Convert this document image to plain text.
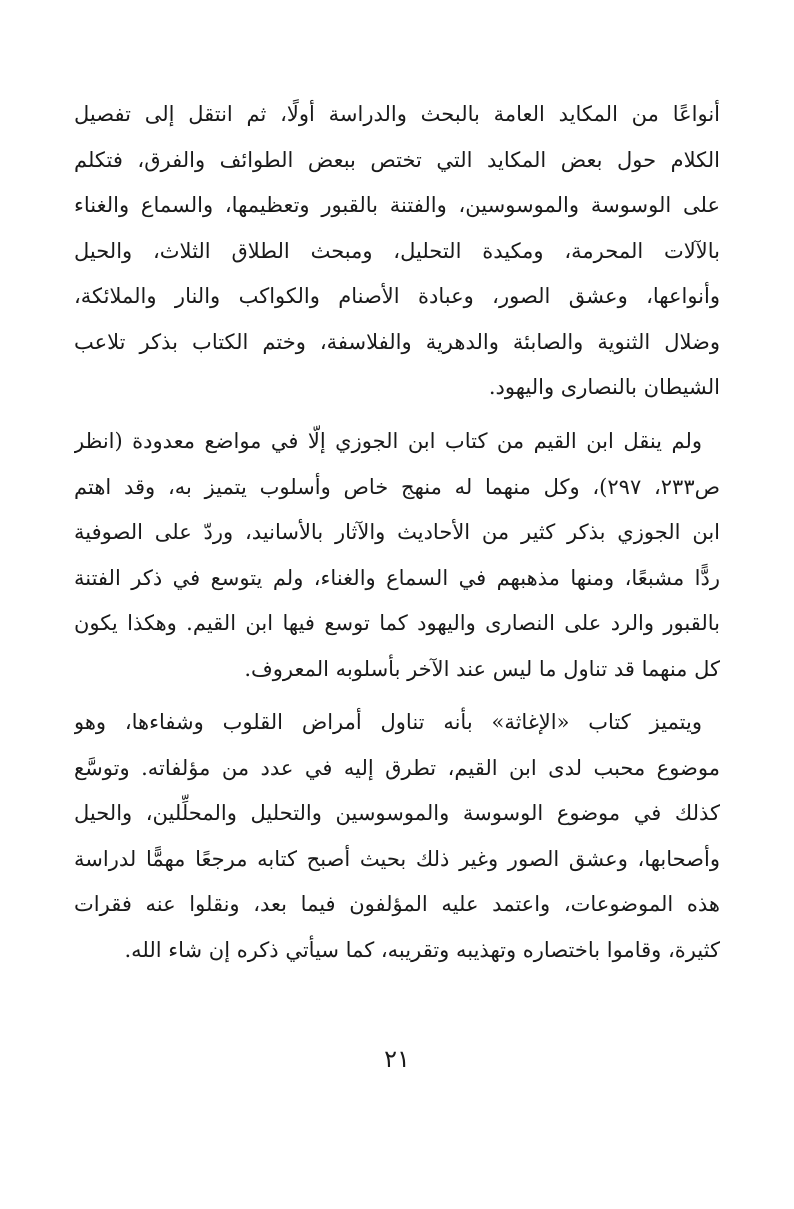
أنواعًا من المكايد العامة بالبحث والدراسة أولًا، ثم انتقل إلى تفصيل
الكلام حول بعض المكايد التي تختص ببعض الطوائف والفرق، فتكلم
على الوسوسة والموسوسين، والفتنة بالقبور وتعظيمها، والسماع والغناء
بالآلات المحرمة، ومكيدة التحليل، ومبحث الطلاق الثلاث، والحيل
وأنواعها، وعشق الصور، وعبادة الأصنام والكواكب والنار والملائكة،
وضلال الثنوية والصابئة والدهرية والفلاسفة، وختم الكتاب بذكر تلاعب
الشيطان بالنصارى واليهود.
ولم ينقل ابن القيم من كتاب ابن الجوزي إلّا في مواضع معدودة (انظر
ص٢٣٣، ٢٩٧)، وكل منهما له منهج خاص وأسلوب يتميز به، وقد اهتم
ابن الجوزي بذكر كثير من الأحاديث والآثار بالأسانيد، وردّ على الصوفية
ردًّا مشبعًا، ومنها مذهبهم في السماع والغناء، ولم يتوسع في ذكر الفتنة
بالقبور والرد على النصارى واليهود كما توسع فيها ابن القيم. وهكذا يكون
كل منهما قد تناول ما ليس عند الآخر بأسلوبه المعروف.
ويتميز كتاب «الإغاثة» بأنه تناول أمراض القلوب وشفاءها، وهو
موضوع محبب لدى ابن القيم، تطرق إليه في عدد من مؤلفاته. وتوسَّع
كذلك في موضوع الوسوسة والموسوسين والتحليل والمحلِّلين، والحيل
وأصحابها، وعشق الصور وغير ذلك بحيث أصبح كتابه مرجعًا مهمًّا لدراسة
هذه الموضوعات، واعتمد عليه المؤلفون فيما بعد، ونقلوا عنه فقرات
كثيرة، وقاموا باختصاره وتهذيبه وتقريبه، كما سيأتي ذكره إن شاء الله.
٢١
